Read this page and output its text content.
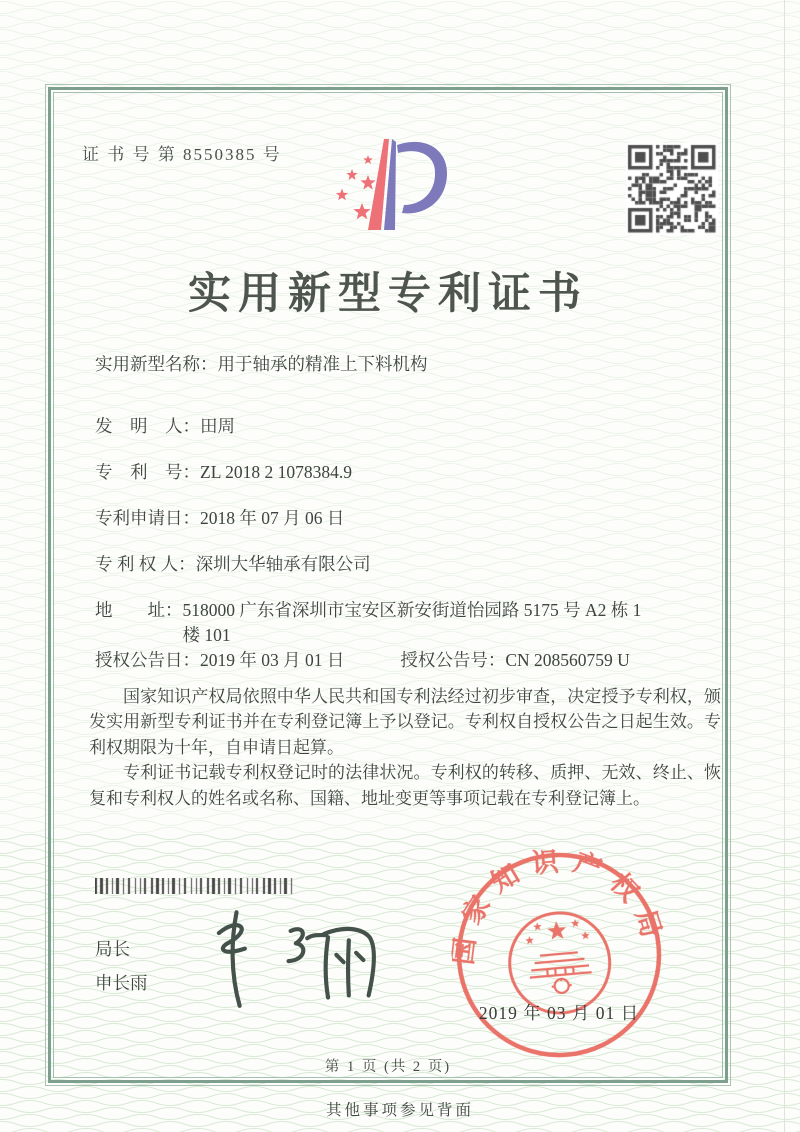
证 书 号 第 8550385 号
实用新型专利证书
实用新型名称： 用于轴承的精准上下料机构
发　明　人： 田周
专　利　号： ZL 2018 2 1078384.9
专利申请日： 2018 年 07 月 06 日
专 利 权 人： 深圳大华轴承有限公司
地　　址： 518000 广东省深圳市宝安区新安街道怡园路 5175 号 A2 栋 1楼 101
授权公告日：2019 年 03 月 01 日	授权公告号：CN 208560759 U

国家知识产权局依照中华人民共和国专利法经过初步审查，决定授予专利权，颁发实用新型专利证书并在专利登记簿上予以登记。专利权自授权公告之日起生效。专利权期限为十年，自申请日起算。

专利证书记载专利权登记时的法律状况。专利权的转移、质押、无效、终止、恢复和专利权人的姓名或名称、国籍、地址变更等事项记载在专利登记簿上。

局长
申长雨
国家知识产权局
2019 年 03 月 01 日
第 1 页 (共 2 页)
其他事项参见背面
